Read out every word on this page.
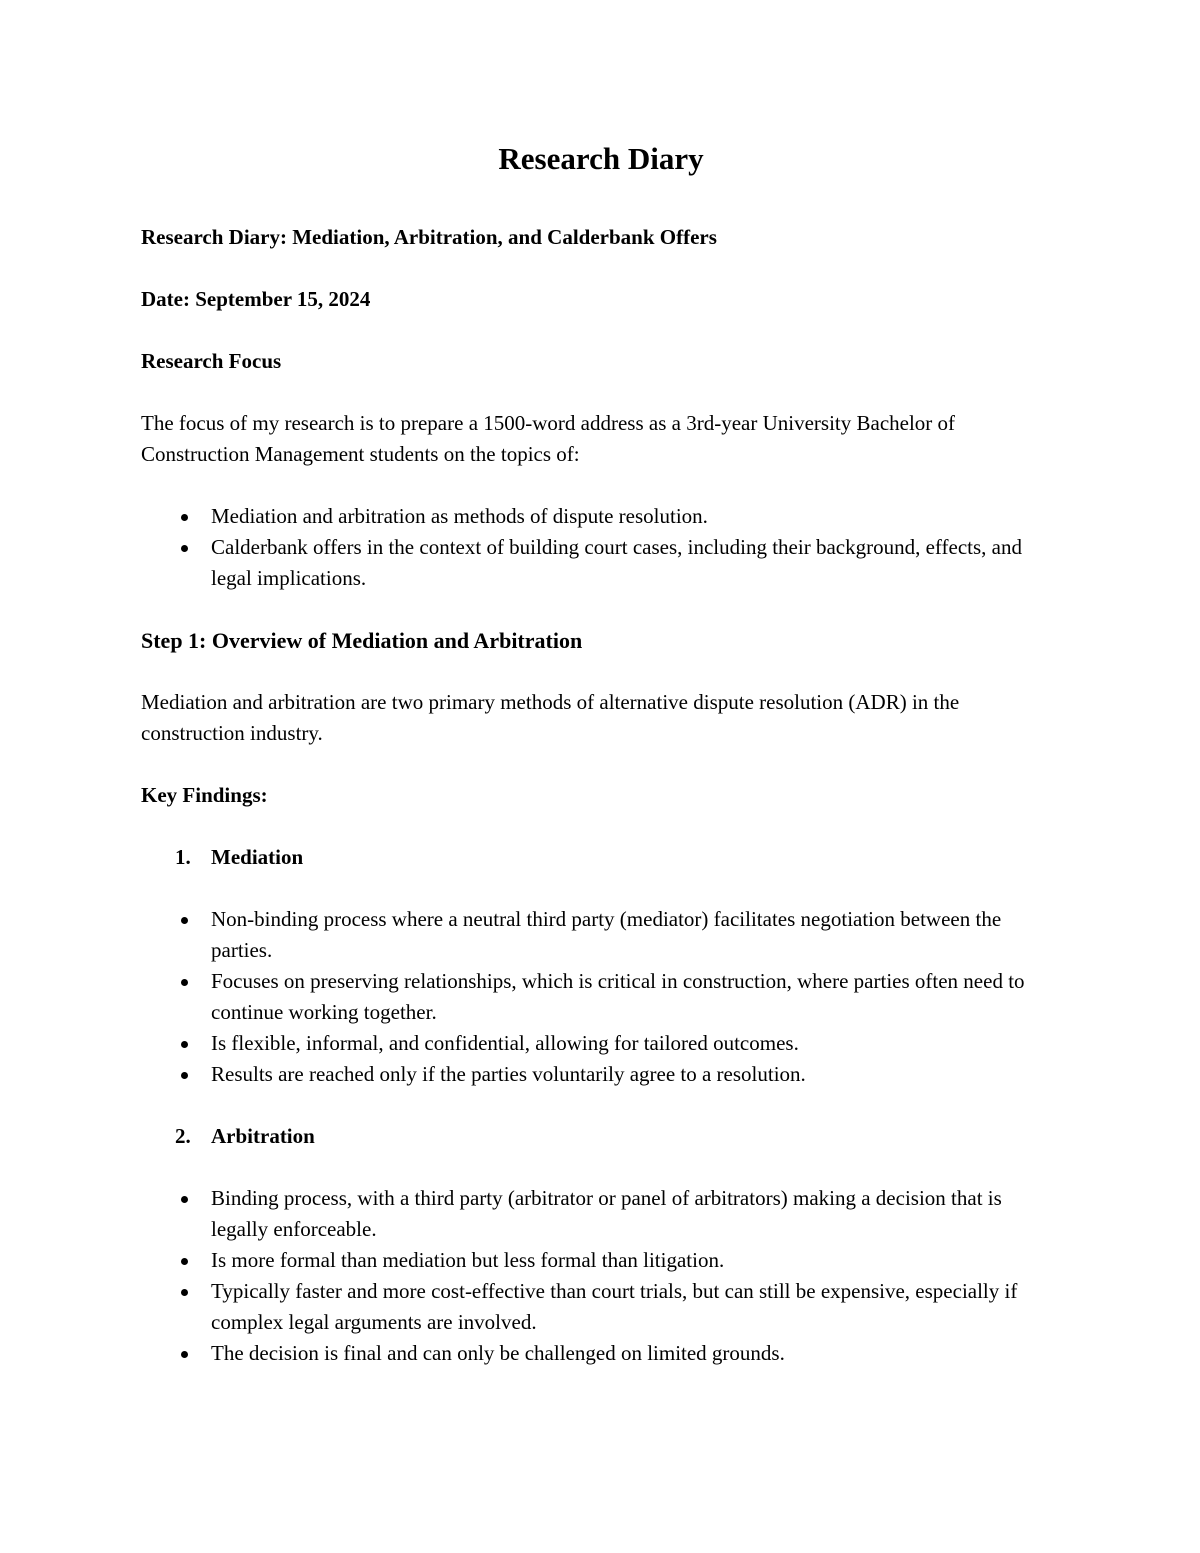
Research Diary
Research Diary: Mediation, Arbitration, and Calderbank Offers
Date: September 15, 2024
Research Focus

The focus of my research is to prepare a 1500-word address as a 3rd-year University Bachelor of Construction Management students on the topics of:

Mediation and arbitration as methods of dispute resolution.
Calderbank offers in the context of building court cases, including their background, effects, and legal implications.
Step 1: Overview of Mediation and Arbitration

Mediation and arbitration are two primary methods of alternative dispute resolution (ADR) in the construction industry.

Key Findings:
1. Mediation
Non-binding process where a neutral third party (mediator) facilitates negotiation between the parties.
Focuses on preserving relationships, which is critical in construction, where parties often need to continue working together.
Is flexible, informal, and confidential, allowing for tailored outcomes.
Results are reached only if the parties voluntarily agree to a resolution.
2. Arbitration
Binding process, with a third party (arbitrator or panel of arbitrators) making a decision that is legally enforceable.
Is more formal than mediation but less formal than litigation.
Typically faster and more cost-effective than court trials, but can still be expensive, especially if complex legal arguments are involved.
The decision is final and can only be challenged on limited grounds.
